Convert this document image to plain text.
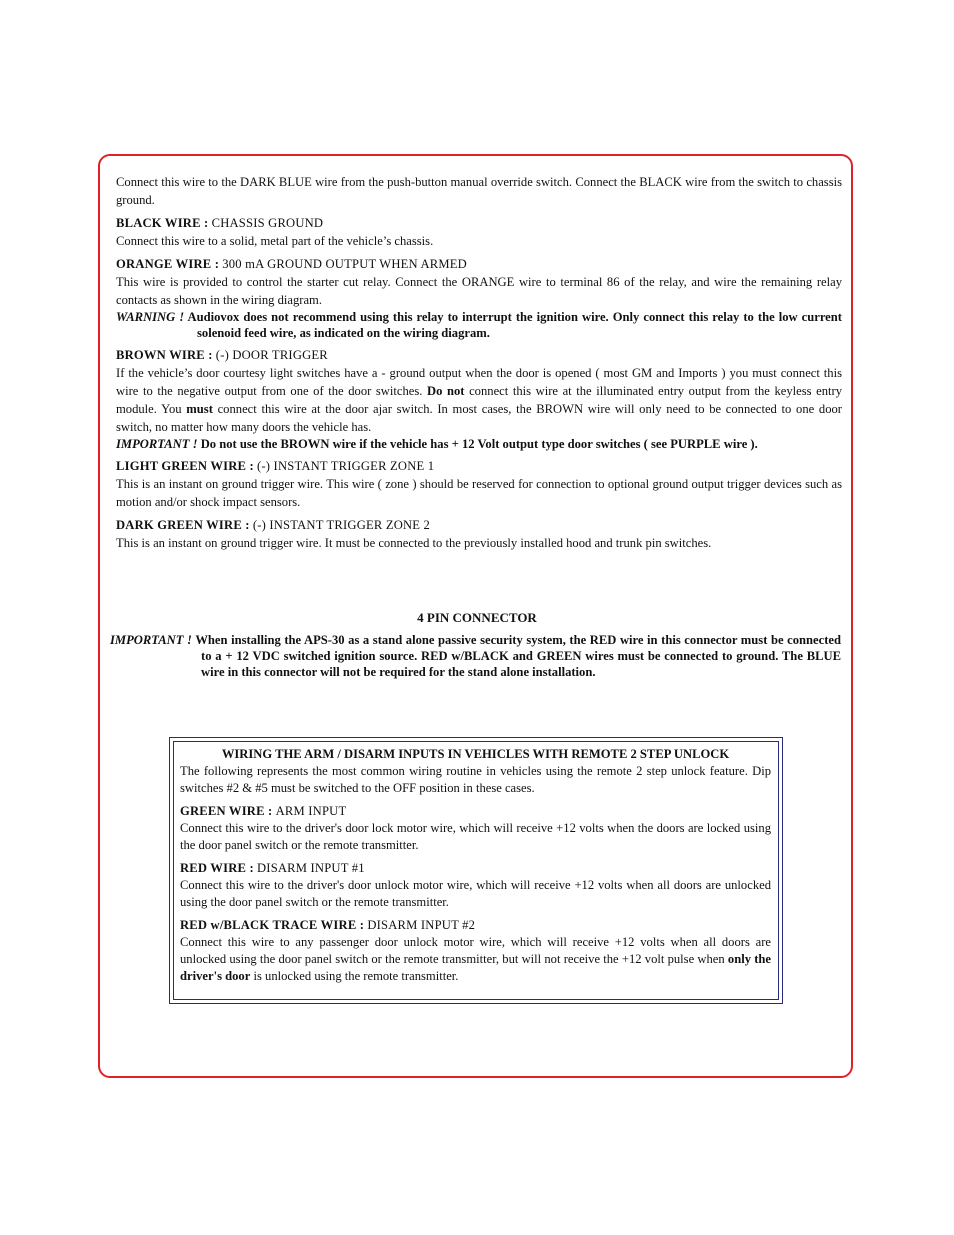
Connect this wire to the DARK BLUE wire from the push-button manual override switch. Connect the BLACK wire from the switch to chassis ground.

BLACK WIRE : CHASSIS GROUND

Connect this wire to a solid, metal part of the vehicle’s chassis.

ORANGE WIRE : 300 mA GROUND OUTPUT WHEN ARMED

This wire is provided to control the starter cut relay. Connect the ORANGE wire to terminal 86 of the relay, and wire the remaining relay contacts as shown in the wiring diagram.

WARNING ! Audiovox does not recommend using this relay to interrupt the ignition wire. Only connect this relay to the low current solenoid feed wire, as indicated on the wiring diagram.

BROWN WIRE : (-) DOOR TRIGGER

If the vehicle’s door courtesy light switches have a - ground output when the door is opened ( most GM and Imports ) you must connect this wire to the negative output from one of the door switches. Do not connect this wire at the illuminated entry output from the keyless entry module. You must connect this wire at the door ajar switch. In most cases, the BROWN wire will only need to be connected to one door switch, no matter how many doors the vehicle has.

IMPORTANT ! Do not use the BROWN wire if the vehicle has + 12 Volt output type door switches ( see PURPLE wire ).

LIGHT GREEN WIRE : (-) INSTANT TRIGGER ZONE 1

This is an instant on ground trigger wire. This wire ( zone ) should be reserved for connection to optional ground output trigger devices such as motion and/or shock impact sensors.

DARK GREEN WIRE : (-) INSTANT TRIGGER ZONE 2

This is an instant on ground trigger wire. It must be connected to the previously installed hood and trunk pin switches.

4 PIN CONNECTOR
IMPORTANT ! When installing the APS-30 as a stand alone passive security system, the RED wire in this connector must be connected to a + 12 VDC switched ignition source. RED w/BLACK and GREEN wires must be connected to ground. The BLUE wire in this connector will not be required for the stand alone installation.
WIRING THE ARM / DISARM INPUTS IN VEHICLES WITH REMOTE 2 STEP UNLOCK

The following represents the most common wiring routine in vehicles using the remote 2 step unlock feature. Dip switches #2 & #5 must be switched to the OFF position in these cases.

GREEN WIRE : ARM INPUT

Connect this wire to the driver's door lock motor wire, which will receive +12 volts when the doors are locked using the door panel switch or the remote transmitter.

RED WIRE : DISARM INPUT #1

Connect this wire to the driver's door unlock motor wire, which will receive +12 volts when all doors are unlocked using the door panel switch or the remote transmitter.

RED w/BLACK TRACE WIRE : DISARM INPUT #2

Connect this wire to any passenger door unlock motor wire, which will receive +12 volts when all doors are unlocked using the door panel switch or the remote transmitter, but will not receive the +12 volt pulse when only the driver's door is unlocked using the remote transmitter.
